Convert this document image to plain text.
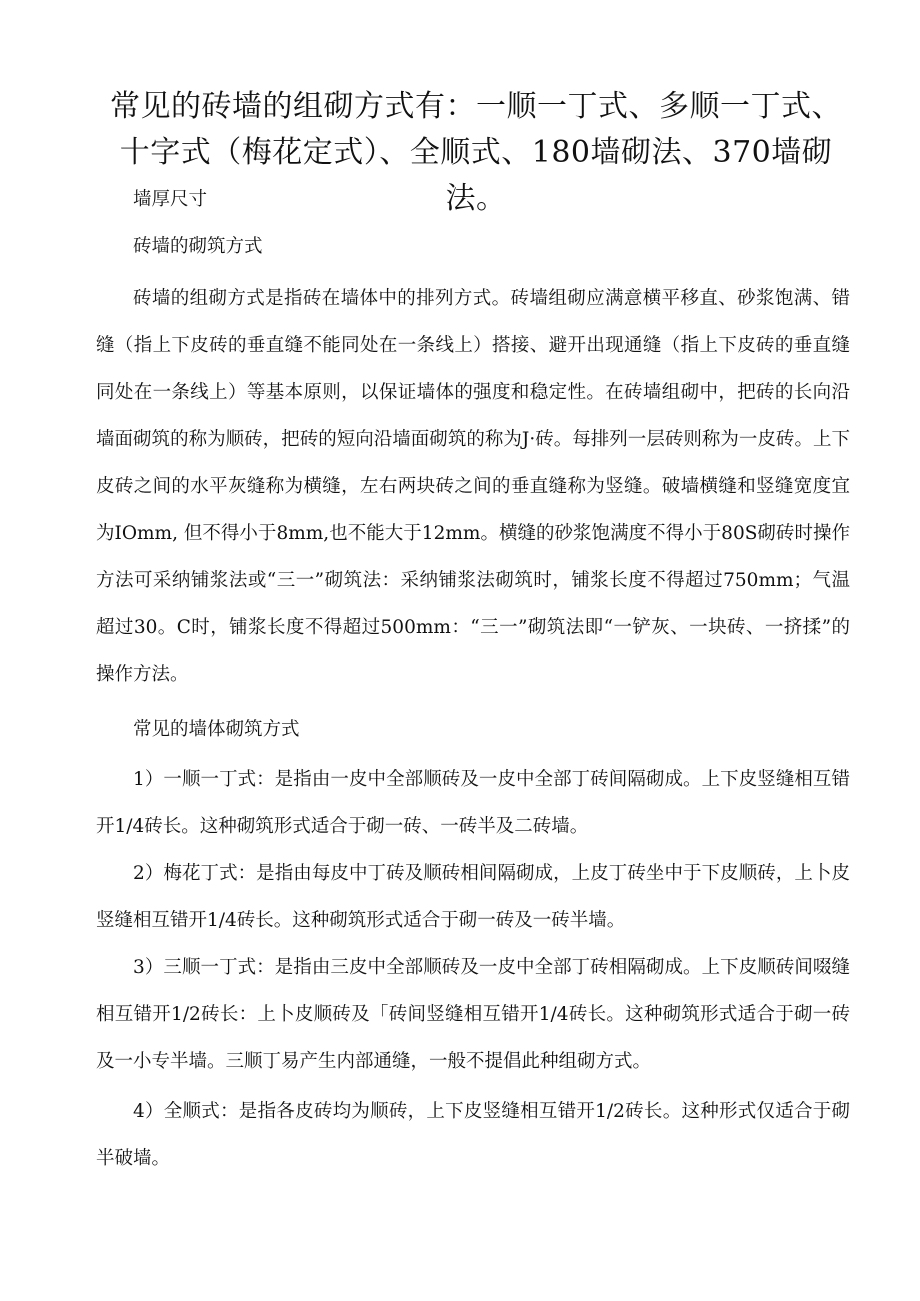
常见的砖墙的组砌方式有：一顺一丁式、多顺一丁式、十字式（梅花定式）、全顺式、180墙砌法、370墙砌法。

墙厚尺寸

砖墙的砌筑方式

砖墙的组砌方式是指砖在墙体中的排列方式。砖墙组砌应满意横平移直、砂浆饱满、错缝（指上下皮砖的垂直缝不能同处在一条线上）搭接、避开出现通缝（指上下皮砖的垂直缝同处在一条线上）等基本原则，以保证墙体的强度和稳定性。在砖墙组砌中，把砖的长向沿墙面砌筑的称为顺砖，把砖的短向沿墙面砌筑的称为J·砖。每排列一层砖则称为一皮砖。上下皮砖之间的水平灰缝称为横缝，左右两块砖之间的垂直缝称为竖缝。破墙横缝和竖缝宽度宜为IOmm, 但不得小于8mm,也不能大于12mm。横缝的砂浆饱满度不得小于80S砌砖时操作方法可采纳铺浆法或“三一”砌筑法：采纳铺浆法砌筑时，铺浆长度不得超过750mm；气温超过30。C时，铺浆长度不得超过500mm：“三一”砌筑法即“一铲灰、一块砖、一挤揉”的操作方法。

常见的墙体砌筑方式

1）一顺一丁式：是指由一皮中全部顺砖及一皮中全部丁砖间隔砌成。上下皮竖缝相互错开1/4砖长。这种砌筑形式适合于砌一砖、一砖半及二砖墙。

2）梅花丁式：是指由每皮中丁砖及顺砖相间隔砌成，上皮丁砖坐中于下皮顺砖，上卜皮竖缝相互错开1/4砖长。这种砌筑形式适合于砌一砖及一砖半墙。

3）三顺一丁式：是指由三皮中全部顺砖及一皮中全部丁砖相隔砌成。上下皮顺砖间啜缝相互错开1/2砖长：上卜皮顺砖及「砖间竖缝相互错开1/4砖长。这种砌筑形式适合于砌一砖及一小专半墙。三顺丁易产生内部通缝，一般不提倡此种组砌方式。

4）全顺式：是指各皮砖均为顺砖，上下皮竖缝相互错开1/2砖长。这种形式仅适合于砌半破墙。
